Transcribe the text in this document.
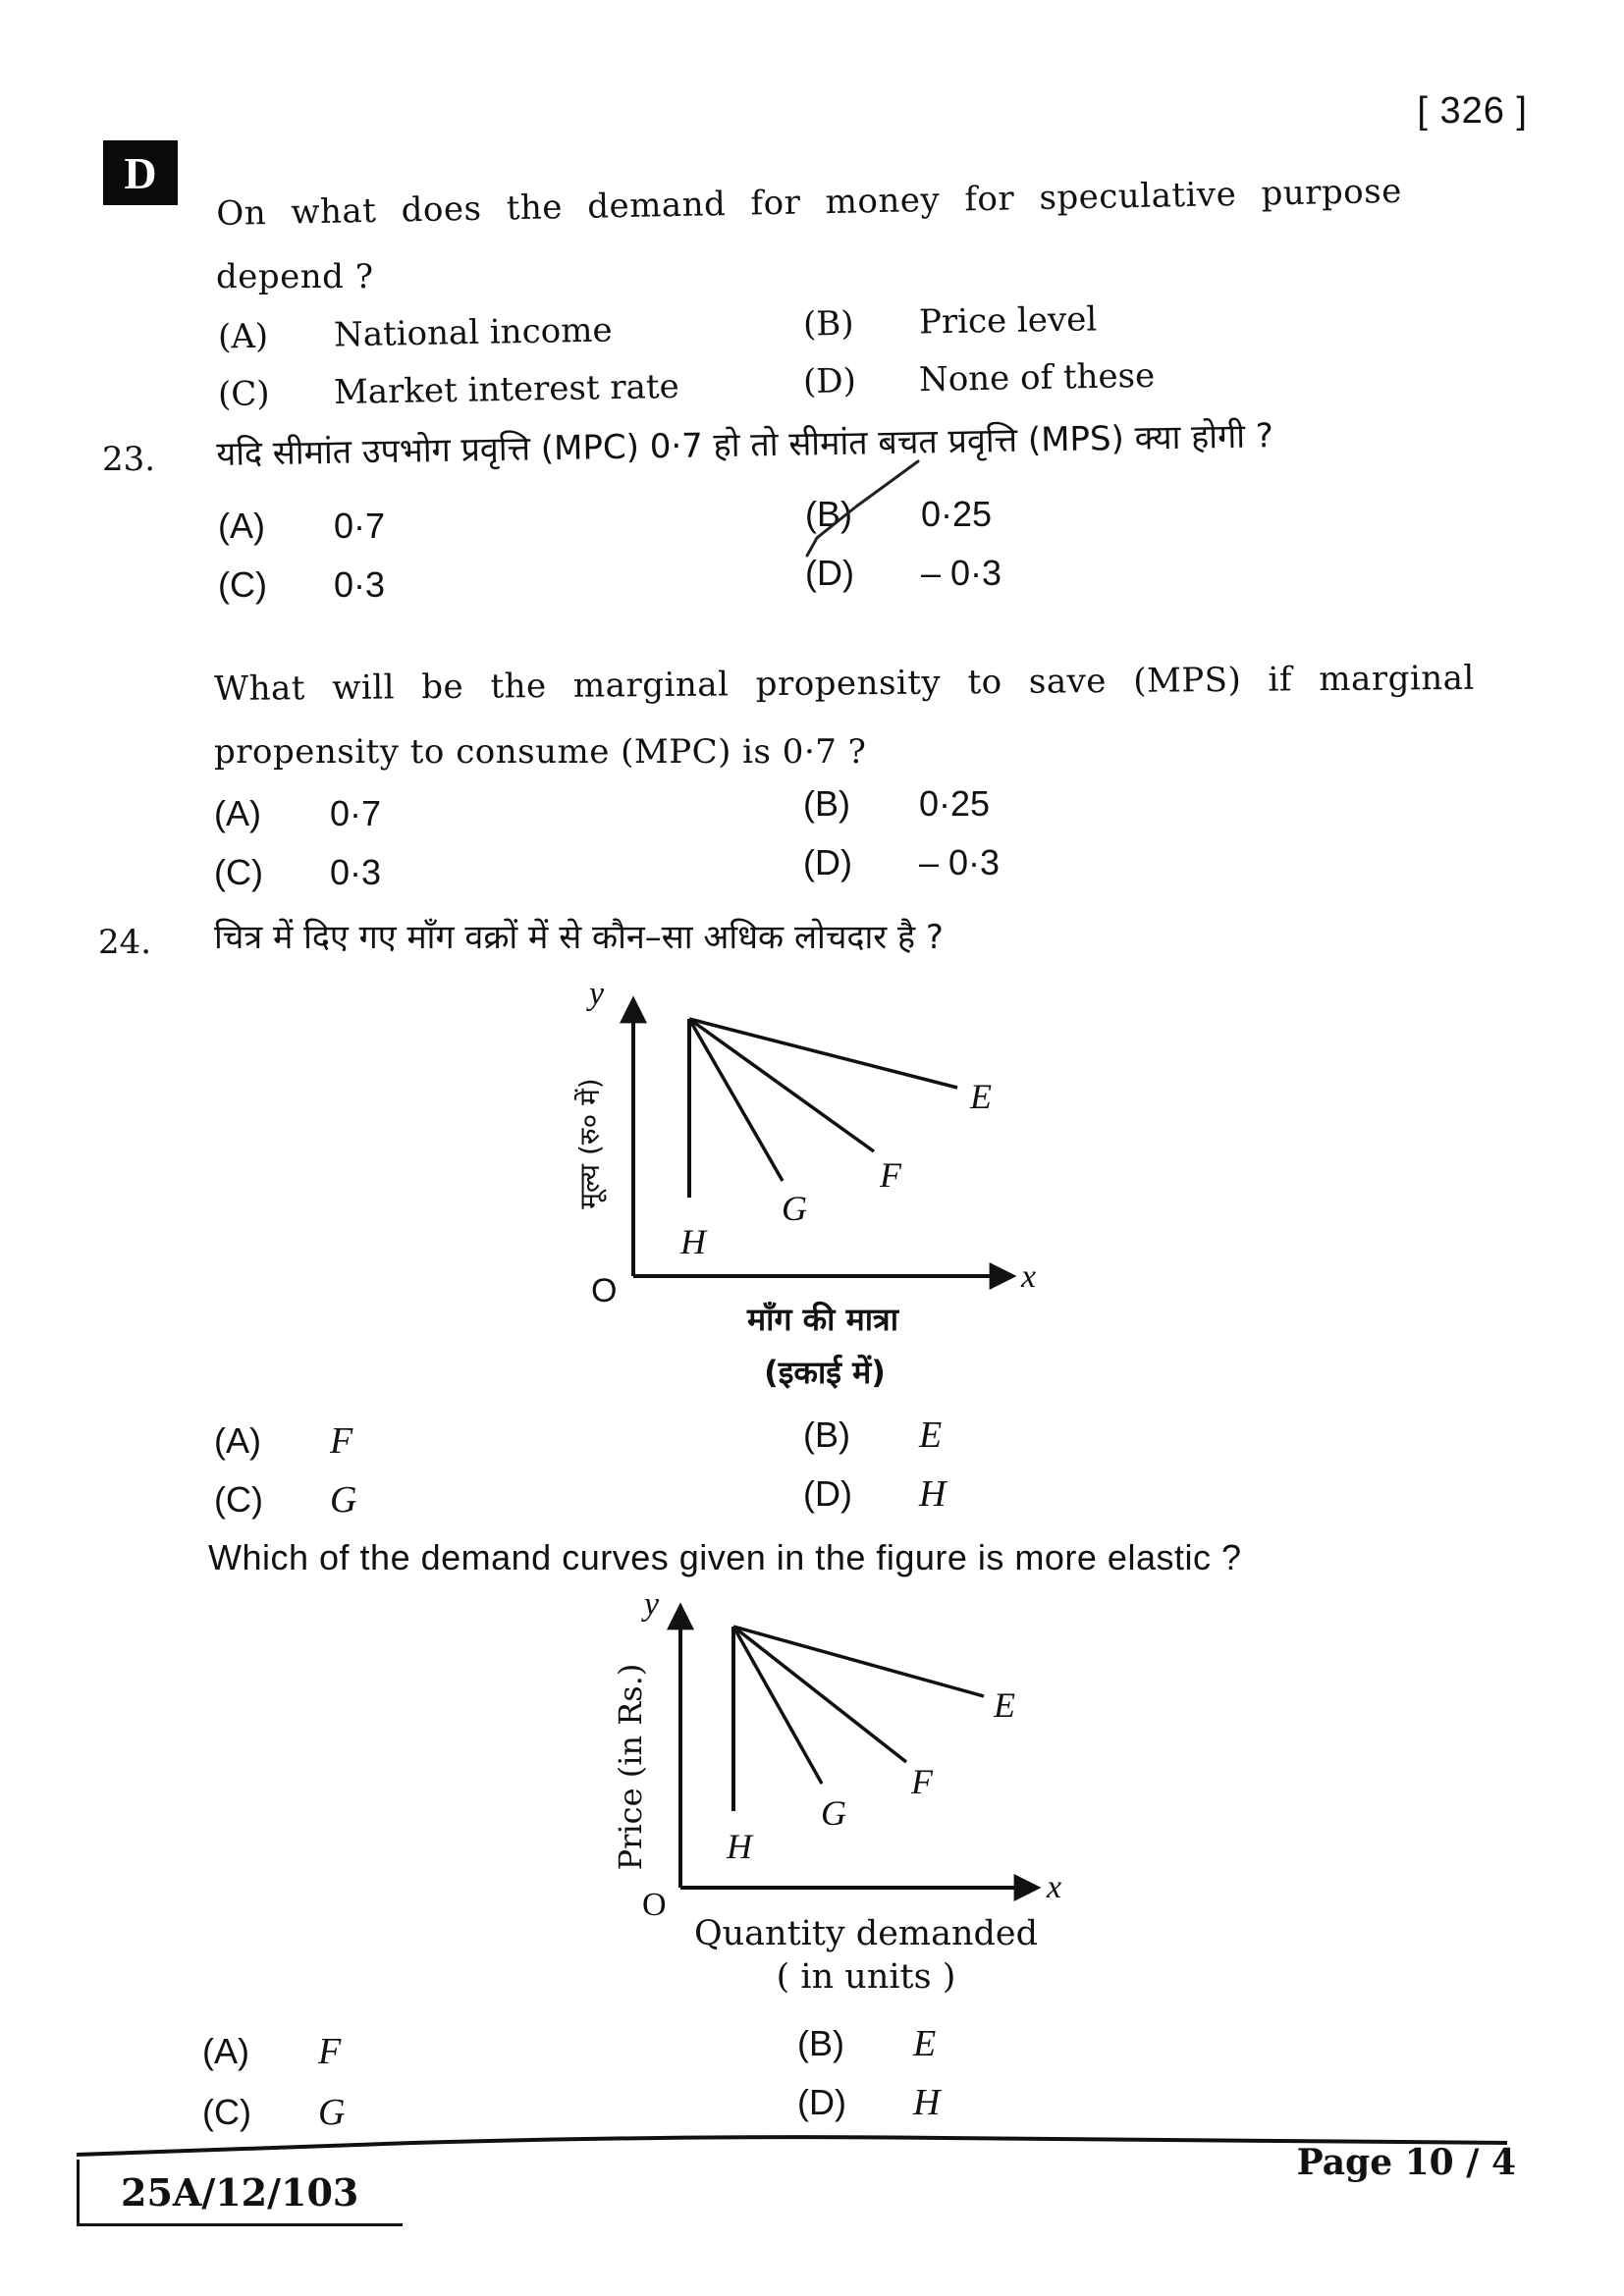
[ 326 ]
D On what does the demand for money for speculative purpose
depend ?
(A) National income	(B) Price level
(C) Market interest rate	(D) None of these
23. यदि सीमांत उपभोग प्रवृत्ति (MPC) 0·7 हो तो सीमांत बचत प्रवृत्ति (MPS) क्या होगी ?
(A) 0·7	(B) 0·25
(C) 0·3	(D) – 0·3
What will be the marginal propensity to save (MPS) if marginal
propensity to consume (MPC) is 0·7 ?
(A) 0·7	(B) 0·25
(C) 0·3	(D) – 0·3
24. चित्र में दिए गए माँग वक्रों में से कौन–सा अधिक लोचदार है ?
y
x
O
E
F
G
H
मूल्य (रु० में)
माँग की मात्रा
(इकाई में)
(A) F	(B) E
(C) G	(D) H
Which of the demand curves given in the figure is more elastic ?
y
x
O
E
F
G
H
Price (in Rs.)
Quantity demanded
( in units )
(A) F	(B) E
(C) G	(D) H
25A/12/103
Page 10 / 4
